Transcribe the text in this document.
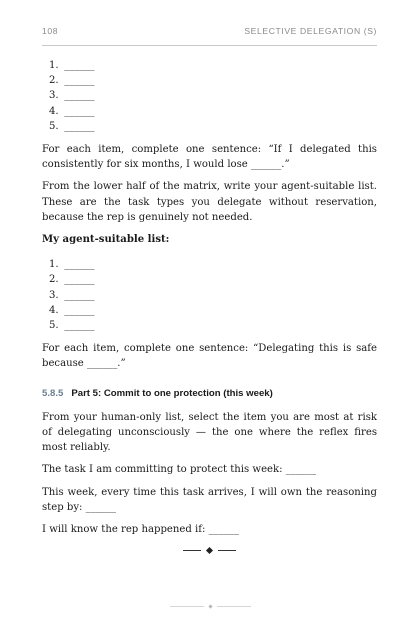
108	SELECTIVE DELEGATION (S)
1. ______
2. ______
3. ______
4. ______
5. ______

For each item, complete one sentence: “If I delegated this consistently for six months, I would lose ______.”

From the lower half of the matrix, write your agent-suitable list. These are the task types you delegate without reservation, because the rep is genuinely not needed.

My agent-suitable list:

1. ______
2. ______
3. ______
4. ______
5. ______

For each item, complete one sentence: “Delegating this is safe because ______.”

5.8.5 Part 5: Commit to one protection (this week)

From your human-only list, select the item you are most at risk of delegating unconsciously — the one where the reflex fires most reliably.

The task I am committing to protect this week: ______

This week, every time this task arrives, I will own the reasoning step by: ______

I will know the rep happened if: ______
